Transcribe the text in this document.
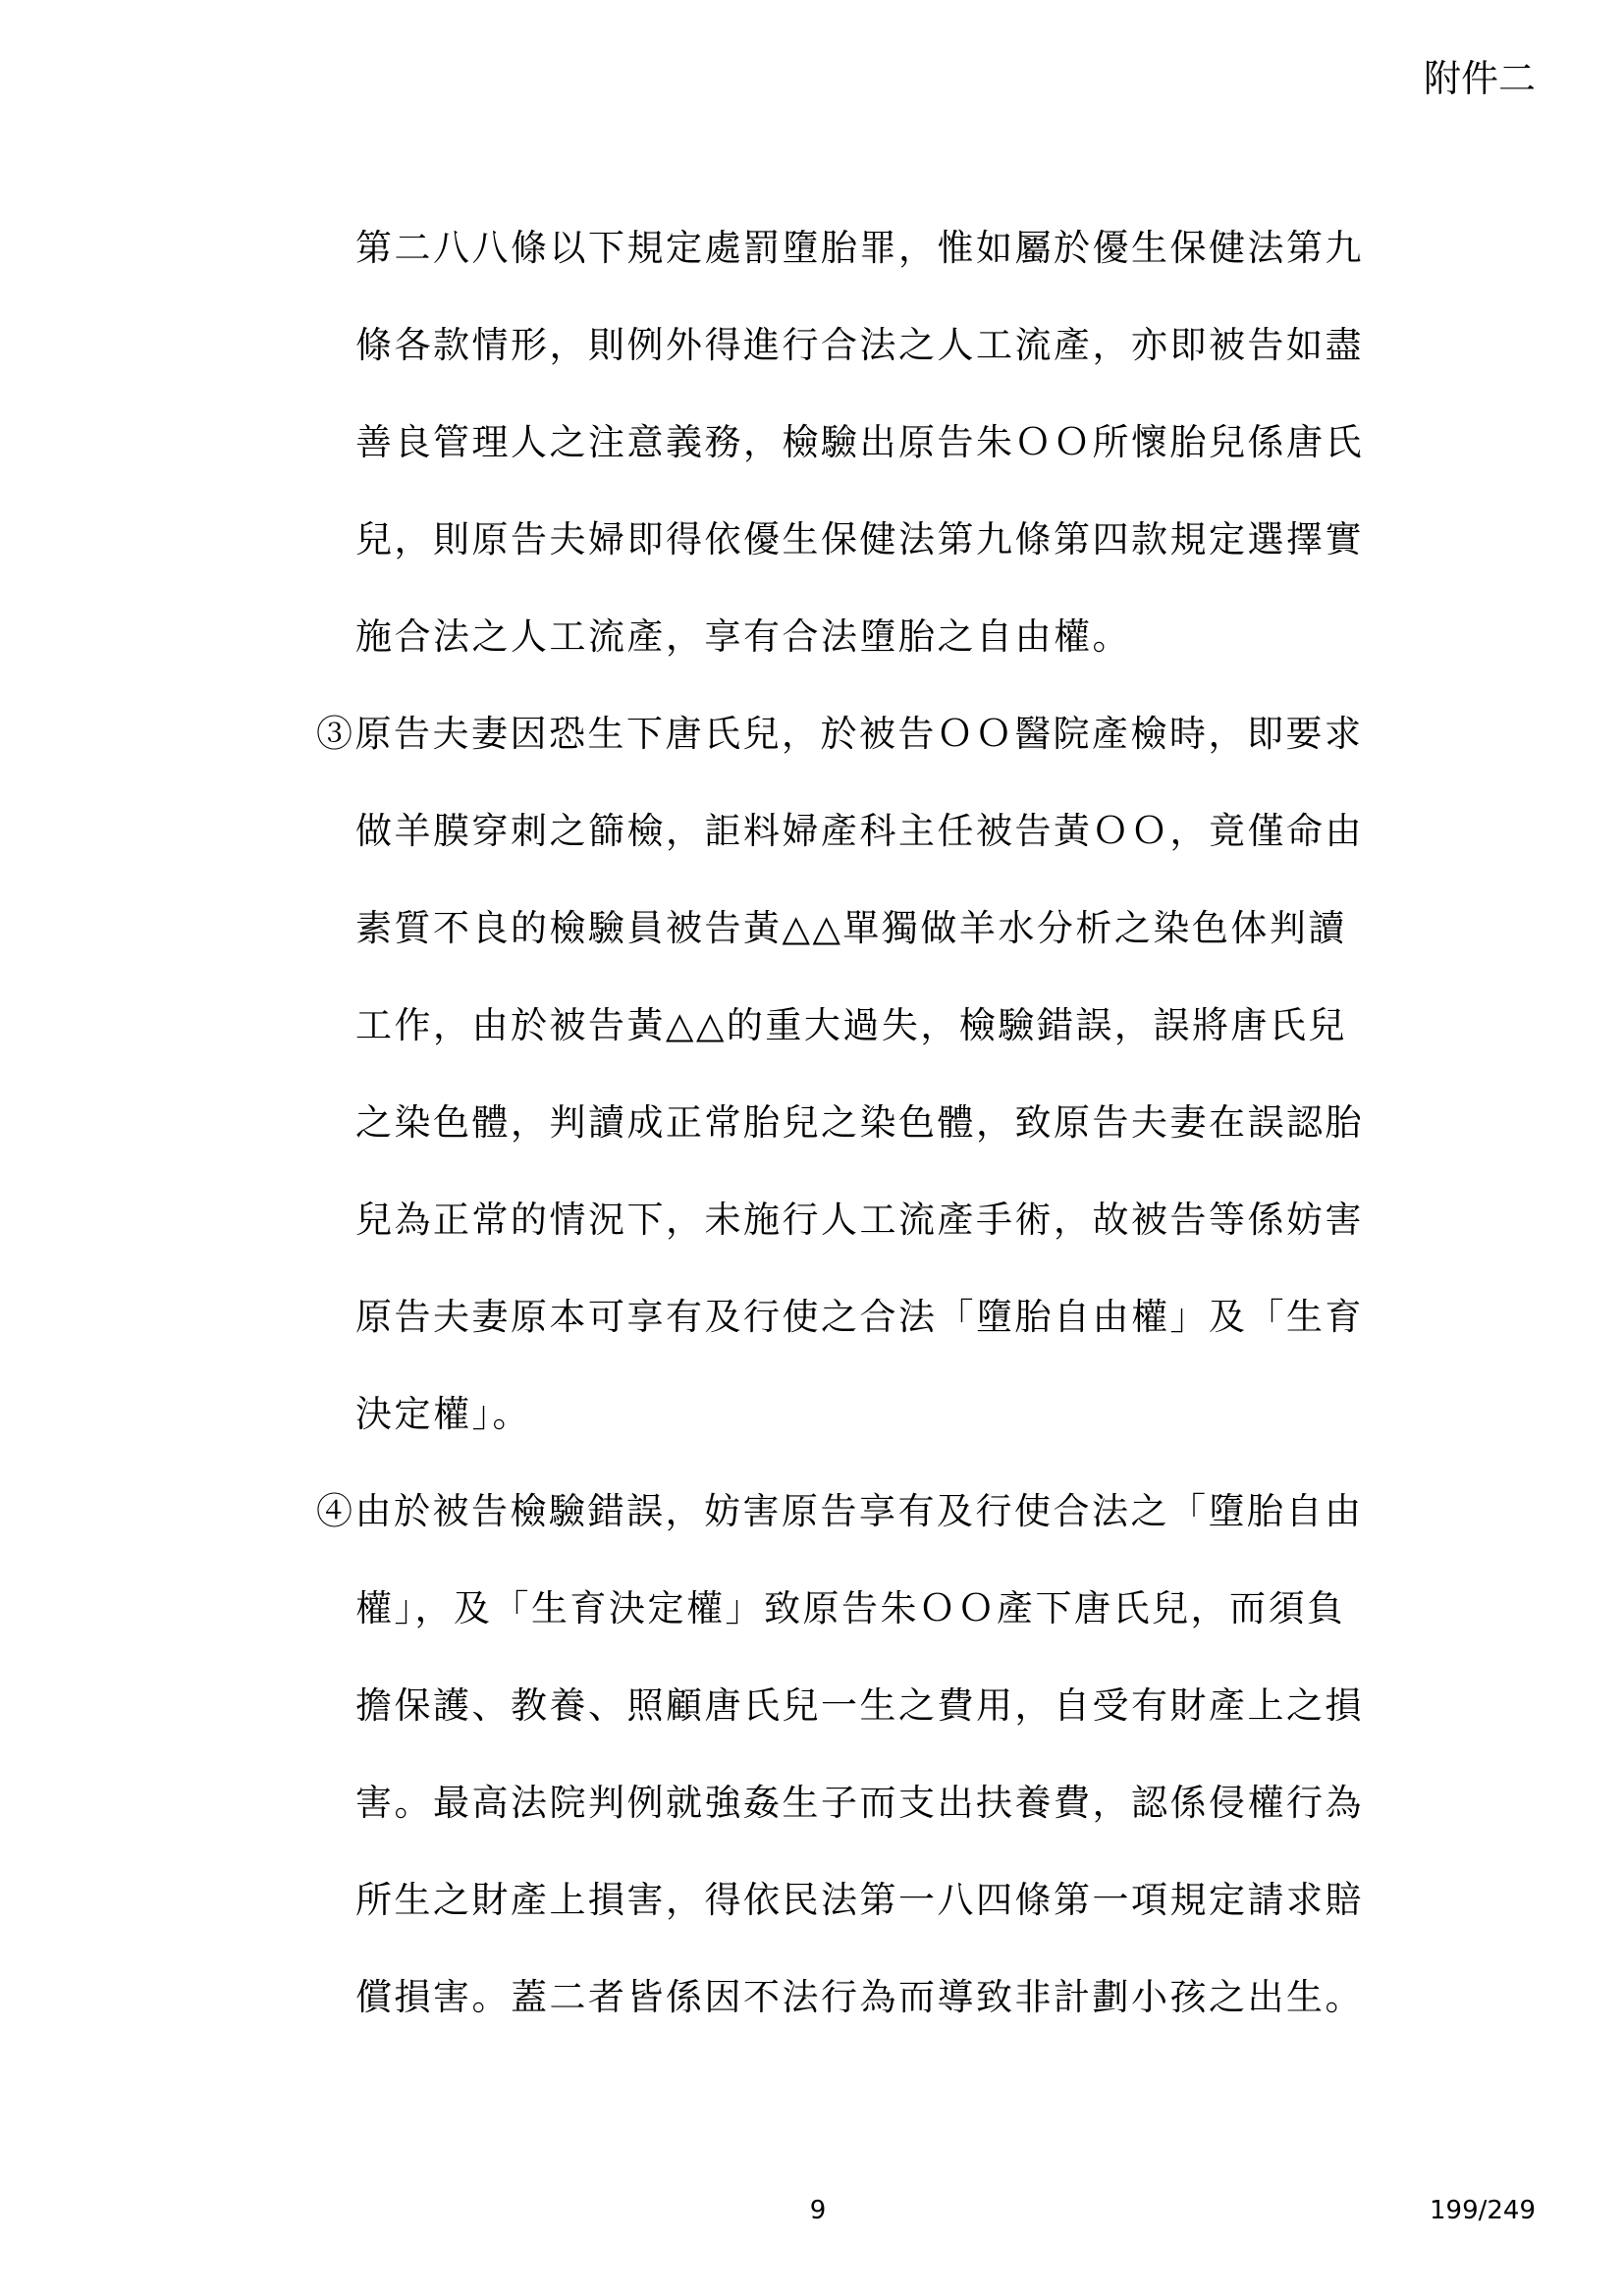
附件二
第二八八條以下規定處罰墮胎罪，惟如屬於優生保健法第九
條各款情形，則例外得進行合法之人工流產，亦即被告如盡
善良管理人之注意義務，檢驗出原告朱ＯＯ所懷胎兒係唐氏
兒，則原告夫婦即得依優生保健法第九條第四款規定選擇實
施合法之人工流產，享有合法墮胎之自由權。
③原告夫妻因恐生下唐氏兒，於被告ＯＯ醫院產檢時，即要求
做羊膜穿刺之篩檢，詎料婦產科主任被告黃ＯＯ，竟僅命由
素質不良的檢驗員被告黃△△單獨做羊水分析之染色体判讀
工作，由於被告黃△△的重大過失，檢驗錯誤，誤將唐氏兒
之染色體，判讀成正常胎兒之染色體，致原告夫妻在誤認胎
兒為正常的情況下，未施行人工流產手術，故被告等係妨害
原告夫妻原本可享有及行使之合法「墮胎自由權」及「生育
決定權」。
④由於被告檢驗錯誤，妨害原告享有及行使合法之「墮胎自由
權」，及「生育決定權」致原告朱ＯＯ產下唐氏兒，而須負
擔保護、教養、照顧唐氏兒一生之費用，自受有財產上之損
害。最高法院判例就強姦生子而支出扶養費，認係侵權行為
所生之財產上損害，得依民法第一八四條第一項規定請求賠
償損害。蓋二者皆係因不法行為而導致非計劃小孩之出生。
9	199/249
